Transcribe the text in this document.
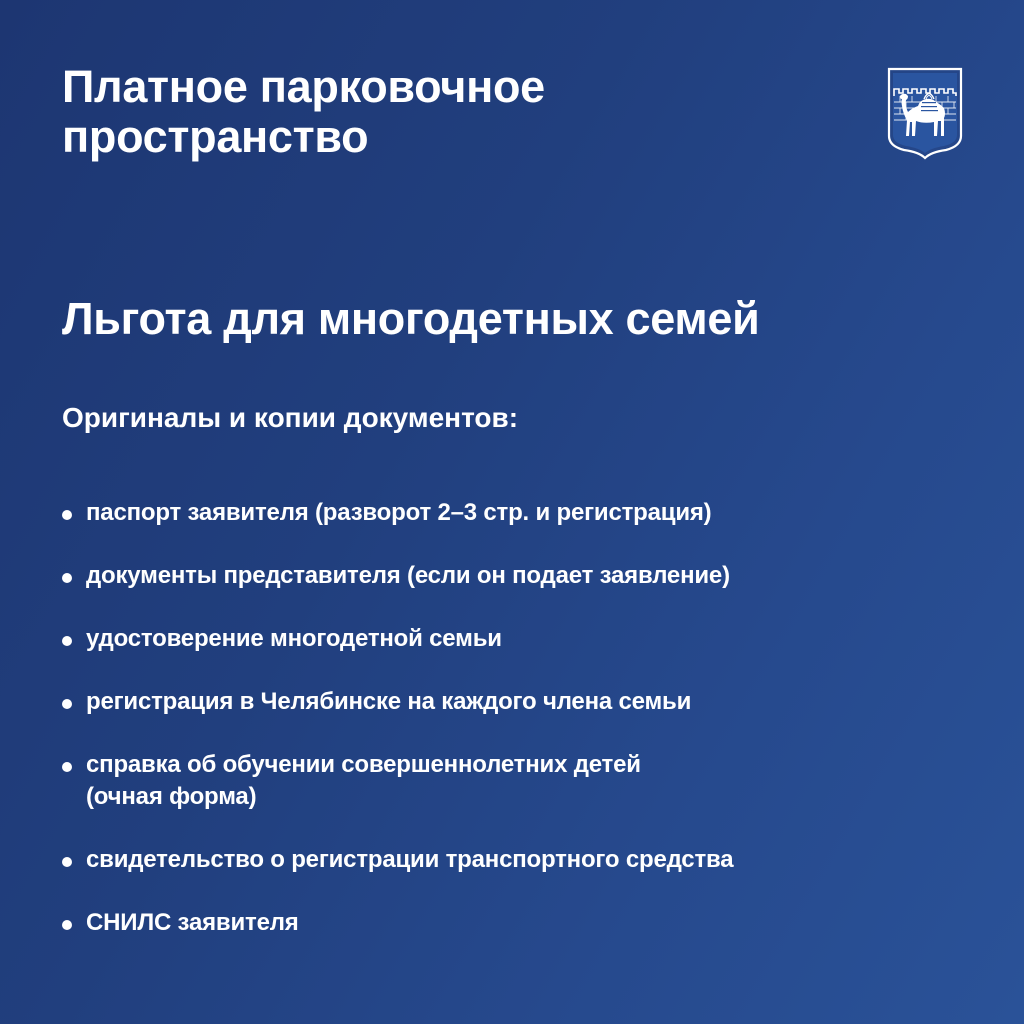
Платное парковочное
пространство
Льгота для многодетных семей
Оригиналы и копии документов:
паспорт заявителя (разворот 2–3 стр. и регистрация)
документы представителя (если он подает заявление)
удостоверение многодетной семьи
регистрация в Челябинске на каждого члена семьи
справка об обучении совершеннолетних детей
(очная форма)
свидетельство о регистрации транспортного средства
СНИЛС заявителя
